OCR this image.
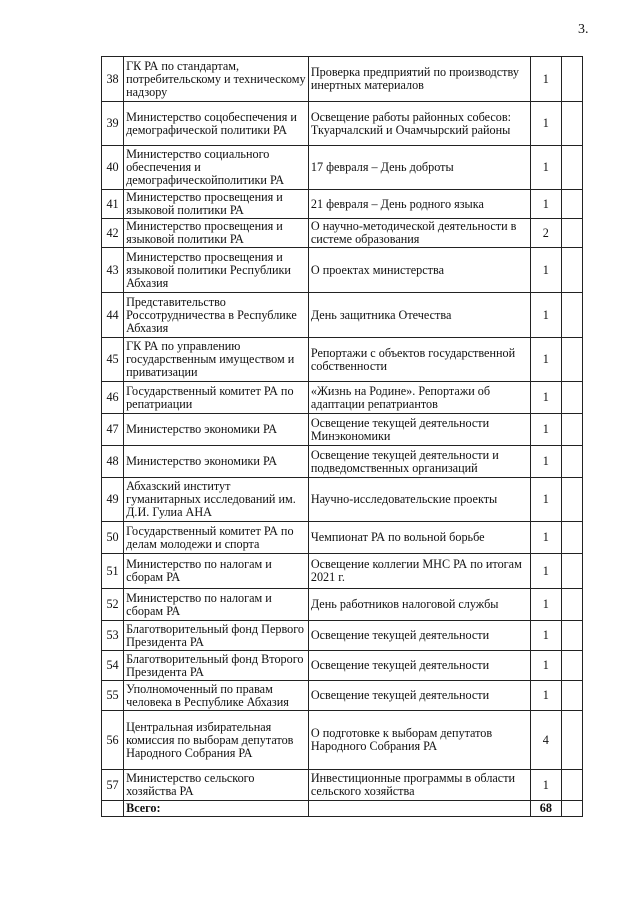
3.
38	ГК РА по стандартам, потребительскому и техническому надзору	Проверка предприятий по производству инертных материалов	1	
39	Министерство соцобеспечения и демографической политики РА	Освещение работы районных собесов: Ткуарчалский и Очамчырский районы	1	
40	Министерство социального обеспечения и демографическойполитики РА	17 февраля – День доброты	1	
41	Министерство просвещения и языковой политики РА	21 февраля – День родного языка	1	
42	Министерство просвещения и языковой политики РА	О научно-методической деятельности в системе образования	2	
43	Министерство просвещения и языковой политики Республики Абхазия	О проектах министерства	1	
44	Представительство Россотрудничества в Республике Абхазия	День защитника Отечества	1	
45	ГК РА по управлению государственным имуществом и приватизации	Репортажи с объектов государственной собственности	1	
46	Государственный комитет РА по репатриации	«Жизнь на Родине». Репортажи об адаптации репатриантов	1	
47	Министерство экономики РА	Освещение текущей деятельности Минэкономики	1	
48	Министерство экономики РА	Освещение текущей деятельности и подведомственных организаций	1	
49	Абхазский институт гуманитарных исследований им. Д.И. Гулиа АНА	Научно-исследовательские проекты	1	
50	Государственный комитет РА по делам молодежи и спорта	Чемпионат РА по вольной борьбе	1	
51	Министерство по налогам и сборам РА	Освещение коллегии МНС РА по итогам 2021 г.	1	
52	Министерство по налогам и сборам РА	День работников налоговой службы	1	
53	Благотворительный фонд Первого Президента РА	Освещение текущей деятельности	1	
54	Благотворительный фонд Второго Президента РА	Освещение текущей деятельности	1	
55	Уполномоченный по правам человека в Республике Абхазия	Освещение текущей деятельности	1	
56	Центральная избирательная комиссия по выборам депутатов Народного Собрания РА	О подготовке к выборам депутатов Народного Собрания РА	4	
57	Министерство сельского хозяйства РА	Инвестиционные программы в области сельского хозяйства	1	
	Всего:		68	
